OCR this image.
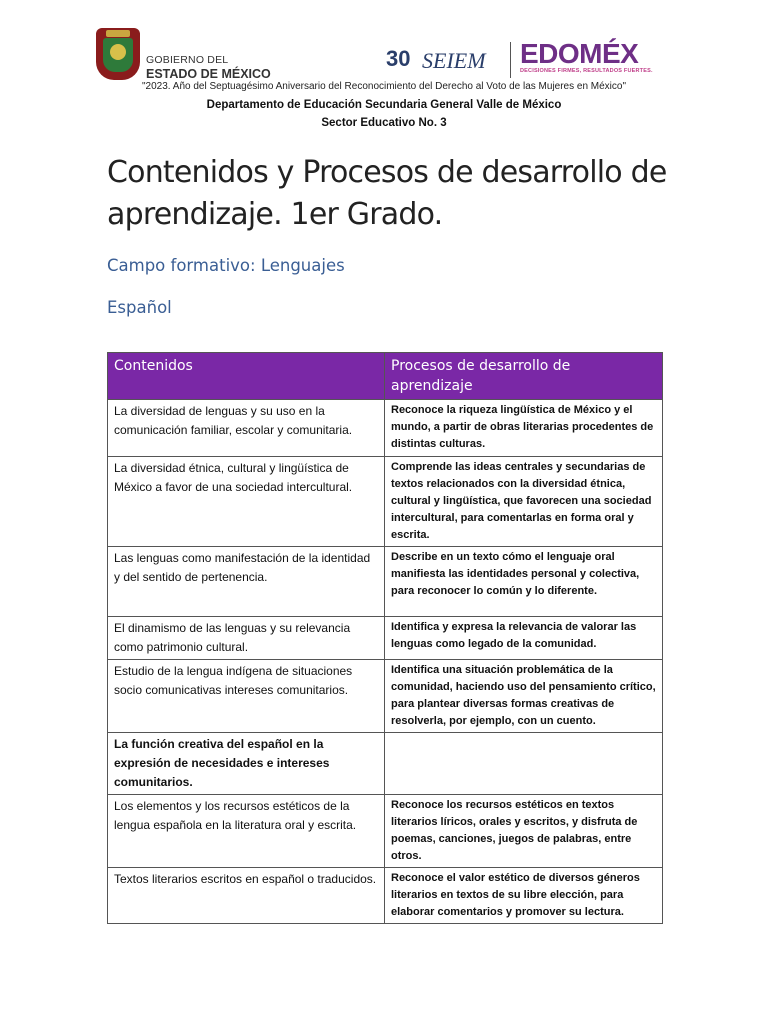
GOBIERNO DEL
ESTADO DE MÉXICO
30 SEIEM EDOMÉX
DECISIONES FIRMES, RESULTADOS FUERTES.
"2023. Año del Septuagésimo Aniversario del Reconocimiento del Derecho al Voto de las Mujeres en México"
Departamento de Educación Secundaria General Valle de México
Sector Educativo No. 3
Contenidos y Procesos de desarrollo de aprendizaje. 1er Grado.
Campo formativo: Lenguajes
Español
Contenidos	Procesos de desarrollo de aprendizaje
La diversidad de lenguas y su uso en la comunicación familiar, escolar y comunitaria.	Reconoce la riqueza lingüística de México y el mundo, a partir de obras literarias procedentes de distintas culturas.
La diversidad étnica, cultural y lingüística de México a favor de una sociedad intercultural.	Comprende las ideas centrales y secundarias de textos relacionados con la diversidad étnica, cultural y lingüística, que favorecen una sociedad intercultural, para comentarlas en forma oral y escrita.
Las lenguas como manifestación de la identidad y del sentido de pertenencia.	Describe en un texto cómo el lenguaje oral manifiesta las identidades personal y colectiva, para reconocer lo común y lo diferente.
El dinamismo de las lenguas y su relevancia como patrimonio cultural.	Identifica y expresa la relevancia de valorar las lenguas como legado de la comunidad.
Estudio de la lengua indígena de situaciones socio comunicativas intereses comunitarios.	Identifica una situación problemática de la comunidad, haciendo uso del pensamiento crítico, para plantear diversas formas creativas de resolverla, por ejemplo, con un cuento.
La función creativa del español en la expresión de necesidades e intereses comunitarios.	
Los elementos y los recursos estéticos de la lengua española en la literatura oral y escrita.	Reconoce los recursos estéticos en textos literarios líricos, orales y escritos, y disfruta de poemas, canciones, juegos de palabras, entre otros.
Textos literarios escritos en español o traducidos.	Reconoce el valor estético de diversos géneros literarios en textos de su libre elección, para elaborar comentarios y promover su lectura.
